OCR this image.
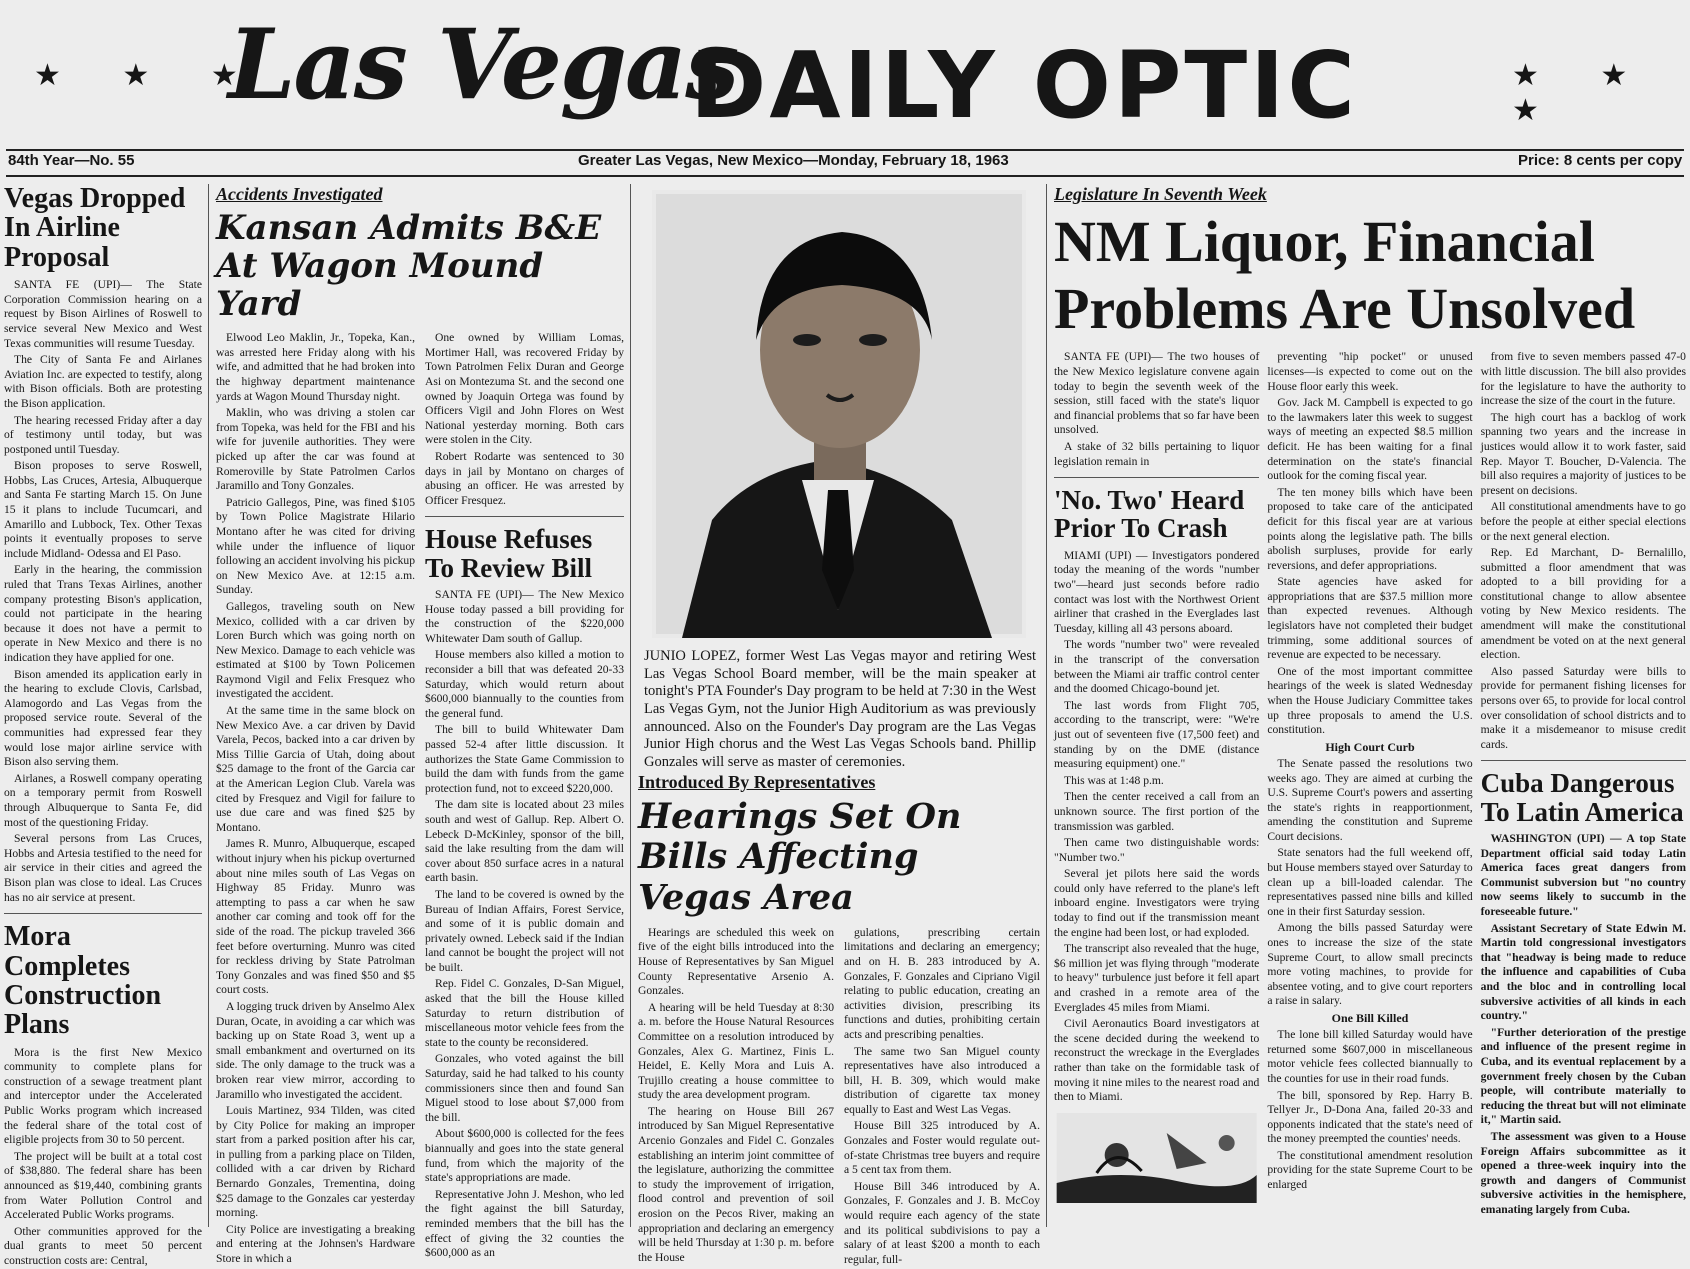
★ ★ ★
Las Vegas
DAILY OPTIC	★ ★ ★
84th Year—No. 55	Greater Las Vegas, New Mexico—Monday, February 18, 1963	Price: 8 cents per copy
Vegas Dropped In Airline Proposal

SANTA FE (UPI)— The State Corporation Commission hearing on a request by Bison Airlines of Roswell to service several New Mexico and West Texas communities will resume Tuesday.

The City of Santa Fe and Airlanes Aviation Inc. are expected to testify, along with Bison officials. Both are protesting the Bison application.

The hearing recessed Friday after a day of testimony until today, but was postponed until Tuesday.

Bison proposes to serve Roswell, Hobbs, Las Cruces, Artesia, Albuquerque and Santa Fe starting March 15. On June 15 it plans to include Tucumcari, and Amarillo and Lubbock, Tex. Other Texas points it eventually proposes to serve include Midland- Odessa and El Paso.

Early in the hearing, the commission ruled that Trans Texas Airlines, another company protesting Bison's application, could not participate in the hearing because it does not have a permit to operate in New Mexico and there is no indication they have applied for one.

Bison amended its application early in the hearing to exclude Clovis, Carlsbad, Alamogordo and Las Vegas from the proposed service route. Several of the communities had expressed fear they would lose major airline service with Bison also serving them.

Airlanes, a Roswell company operating on a temporary permit from Roswell through Albuquerque to Santa Fe, did most of the questioning Friday.

Several persons from Las Cruces, Hobbs and Artesia testified to the need for air service in their cities and agreed the Bison plan was close to ideal. Las Cruces has no air service at present.

Mora Completes Construction Plans

Mora is the first New Mexico community to complete plans for construction of a sewage treatment plant and interceptor under the Accelerated Public Works program which increased the federal share of the total cost of eligible projects from 30 to 50 percent.

The project will be built at a total cost of $38,880. The federal share has been announced as $19,440, combining grants from Water Pollution Control and Accelerated Public Works programs.

Other communities approved for the dual grants to meet 50 percent construction costs are: Central,

Accidents Investigated
Kansan Admits B&E At Wagon Mound Yard

Elwood Leo Maklin, Jr., Topeka, Kan., was arrested here Friday along with his wife, and admitted that he had broken into the highway department maintenance yards at Wagon Mound Thursday night.

Maklin, who was driving a stolen car from Topeka, was held for the FBI and his wife for juvenile authorities. They were picked up after the car was found at Romeroville by State Patrolmen Carlos Jaramillo and Tony Gonzales.

Patricio Gallegos, Pine, was fined $105 by Town Police Magistrate Hilario Montano after he was cited for driving while under the influence of liquor following an accident involving his pickup on New Mexico Ave. at 12:15 a.m. Sunday.

Gallegos, traveling south on New Mexico, collided with a car driven by Loren Burch which was going north on New Mexico. Damage to each vehicle was estimated at $100 by Town Policemen Raymond Vigil and Felix Fresquez who investigated the accident.

At the same time in the same block on New Mexico Ave. a car driven by David Varela, Pecos, backed into a car driven by Miss Tillie Garcia of Utah, doing about $25 damage to the front of the Garcia car at the American Legion Club. Varela was cited by Fresquez and Vigil for failure to use due care and was fined $25 by Montano.

James R. Munro, Albuquerque, escaped without injury when his pickup overturned about nine miles south of Las Vegas on Highway 85 Friday. Munro was attempting to pass a car when he saw another car coming and took off for the side of the road. The pickup traveled 366 feet before overturning. Munro was cited for reckless driving by State Patrolman Tony Gonzales and was fined $50 and $5 court costs.

A logging truck driven by Anselmo Alex Duran, Ocate, in avoiding a car which was backing up on State Road 3, went up a small embankment and overturned on its side. The only damage to the truck was a broken rear view mirror, according to Jaramillo who investigated the accident.

Louis Martinez, 934 Tilden, was cited by City Police for making an improper start from a parked position after his car, in pulling from a parking place on Tilden, collided with a car driven by Richard Bernardo Gonzales, Trementina, doing $25 damage to the Gonzales car yesterday morning.

City Police are investigating a breaking and entering at the Johnsen's Hardware Store in which a

One owned by William Lomas, Mortimer Hall, was recovered Friday by Town Patrolmen Felix Duran and George Asi on Montezuma St. and the second one owned by Joaquin Ortega was found by Officers Vigil and John Flores on West National yesterday morning. Both cars were stolen in the City.

Robert Rodarte was sentenced to 30 days in jail by Montano on charges of abusing an officer. He was arrested by Officer Fresquez.

House Refuses To Review Bill

SANTA FE (UPI)— The New Mexico House today passed a bill providing for the construction of the $220,000 Whitewater Dam south of Gallup.

House members also killed a motion to reconsider a bill that was defeated 20-33 Saturday, which would return about $600,000 biannually to the counties from the general fund.

The bill to build Whitewater Dam passed 52-4 after little discussion. It authorizes the State Game Commission to build the dam with funds from the game protection fund, not to exceed $220,000.

The dam site is located about 23 miles south and west of Gallup. Rep. Albert O. Lebeck D-McKinley, sponsor of the bill, said the lake resulting from the dam will cover about 850 surface acres in a natural earth basin.

The land to be covered is owned by the Bureau of Indian Affairs, Forest Service, and some of it is public domain and privately owned. Lebeck said if the Indian land cannot be bought the project will not be built.

Rep. Fidel C. Gonzales, D-San Miguel, asked that the bill the House killed Saturday to return distribution of miscellaneous motor vehicle fees from the state to the county be reconsidered.

Gonzales, who voted against the bill Saturday, said he had talked to his county commissioners since then and found San Miguel stood to lose about $7,000 from the bill.

About $600,000 is collected for the fees biannually and goes into the state general fund, from which the majority of the state's appropriations are made.

Representative John J. Meshon, who led the fight against the bill Saturday, reminded members that the bill has the effect of giving the 32 counties the $600,000 as an

JUNIO LOPEZ, former West Las Vegas mayor and retiring West Las Vegas School Board member, will be the main speaker at tonight's PTA Founder's Day program to be held at 7:30 in the West Las Vegas Gym, not the Junior High Auditorium as was previously announced. Also on the Founder's Day program are the Las Vegas Junior High chorus and the West Las Vegas Schools band. Phillip Gonzales will serve as master of ceremonies.
Introduced By Representatives
Hearings Set On Bills Affecting Vegas Area

Hearings are scheduled this week on five of the eight bills introduced into the House of Representatives by San Miguel County Representative Arsenio A. Gonzales.

A hearing will be held Tuesday at 8:30 a. m. before the House Natural Resources Committee on a resolution introduced by Gonzales, Alex G. Martinez, Finis L. Heidel, E. Kelly Mora and Luis A. Trujillo creating a house committee to study the area development program.

The hearing on House Bill 267 introduced by San Miguel Representative Arcenio Gonzales and Fidel C. Gonzales establishing an interim joint committee of the legislature, authorizing the committee to study the improvement of irrigation, flood control and prevention of soil erosion on the Pecos River, making an appropriation and declaring an emergency will be held Thursday at 1:30 p. m. before the House

gulations, prescribing certain limitations and declaring an emergency; and on H. B. 283 introduced by A. Gonzales, F. Gonzales and Cipriano Vigil relating to public education, creating an activities division, prescribing its functions and duties, prohibiting certain acts and prescribing penalties.

The same two San Miguel county representatives have also introduced a bill, H. B. 309, which would make distribution of cigarette tax money equally to East and West Las Vegas.

House Bill 325 introduced by A. Gonzales and Foster would regulate out-of-state Christmas tree buyers and require a 5 cent tax from them.

House Bill 346 introduced by A. Gonzales, F. Gonzales and J. B. McCoy would require each agency of the state and its political subdivisions to pay a salary of at least $200 a month to each regular, full-

Legislature In Seventh Week
NM Liquor, Financial Problems Are Unsolved

SANTA FE (UPI)— The two houses of the New Mexico legislature convene again today to begin the seventh week of the session, still faced with the state's liquor and financial problems that so far have been unsolved.

A stake of 32 bills pertaining to liquor legislation remain in

'No. Two' Heard Prior To Crash

MIAMI (UPI) — Investigators pondered today the meaning of the words "number two"—heard just seconds before radio contact was lost with the Northwest Orient airliner that crashed in the Everglades last Tuesday, killing all 43 persons aboard.

The words "number two" were revealed in the transcript of the conversation between the Miami air traffic control center and the doomed Chicago-bound jet.

The last words from Flight 705, according to the transcript, were: "We're just out of seventeen five (17,500 feet) and standing by on the DME (distance measuring equipment) one."

This was at 1:48 p.m.

Then the center received a call from an unknown source. The first portion of the transmission was garbled.

Then came two distinguishable words: "Number two."

Several jet pilots here said the words could only have referred to the plane's left inboard engine. Investigators were trying today to find out if the transmission meant the engine had been lost, or had exploded.

The transcript also revealed that the huge, $6 million jet was flying through "moderate to heavy" turbulence just before it fell apart and crashed in a remote area of the Everglades 45 miles from Miami.

Civil Aeronautics Board investigators at the scene decided during the weekend to reconstruct the wreckage in the Everglades rather than take on the formidable task of moving it nine miles to the nearest road and then to Miami.

preventing "hip pocket" or unused licenses—is expected to come out on the House floor early this week.

Gov. Jack M. Campbell is expected to go to the lawmakers later this week to suggest ways of meeting an expected $8.5 million deficit. He has been waiting for a final determination on the state's financial outlook for the coming fiscal year.

The ten money bills which have been proposed to take care of the anticipated deficit for this fiscal year are at various points along the legislative path. The bills abolish surpluses, provide for early reversions, and defer appropriations.

State agencies have asked for appropriations that are $37.5 million more than expected revenues. Although legislators have not completed their budget trimming, some additional sources of revenue are expected to be necessary.

One of the most important committee hearings of the week is slated Wednesday when the House Judiciary Committee takes up three proposals to amend the U.S. constitution.

High Court Curb

The Senate passed the resolutions two weeks ago. They are aimed at curbing the U.S. Supreme Court's powers and asserting the state's rights in reapportionment, amending the constitution and Supreme Court decisions.

State senators had the full weekend off, but House members stayed over Saturday to clean up a bill-loaded calendar. The representatives passed nine bills and killed one in their first Saturday session.

Among the bills passed Saturday were ones to increase the size of the state Supreme Court, to allow small precincts more voting machines, to provide for absentee voting, and to give court reporters a raise in salary.

One Bill Killed

The lone bill killed Saturday would have returned some $607,000 in miscellaneous motor vehicle fees collected biannually to the counties for use in their road funds.

The bill, sponsored by Rep. Harry B. Tellyer Jr., D-Dona Ana, failed 20-33 and opponents indicated that the state's need of the money preempted the counties' needs.

The constitutional amendment resolution providing for the state Supreme Court to be enlarged

from five to seven members passed 47-0 with little discussion. The bill also provides for the legislature to have the authority to increase the size of the court in the future.

The high court has a backlog of work spanning two years and the increase in justices would allow it to work faster, said Rep. Mayor T. Boucher, D-Valencia. The bill also requires a majority of justices to be present on decisions.

All constitutional amendments have to go before the people at either special elections or the next general election.

Rep. Ed Marchant, D- Bernalillo, submitted a floor amendment that was adopted to a bill providing for a constitutional change to allow absentee voting by New Mexico residents. The amendment will make the constitutional amendment be voted on at the next general election.

Also passed Saturday were bills to provide for permanent fishing licenses for persons over 65, to provide for local control over consolidation of school districts and to make it a misdemeanor to misuse credit cards.

Cuba Dangerous To Latin America

WASHINGTON (UPI) — A top State Department official said today Latin America faces great dangers from Communist subversion but "no country now seems likely to succumb in the foreseeable future."

Assistant Secretary of State Edwin M. Martin told congressional investigators that "headway is being made to reduce the influence and capabilities of Cuba and the bloc and in controlling local subversive activities of all kinds in each country."

"Further deterioration of the prestige and influence of the present regime in Cuba, and its eventual replacement by a government freely chosen by the Cuban people, will contribute materially to reducing the threat but will not eliminate it," Martin said.

The assessment was given to a House Foreign Affairs subcommittee as it opened a three-week inquiry into the growth and dangers of Communist subversive activities in the hemisphere, emanating largely from Cuba.
